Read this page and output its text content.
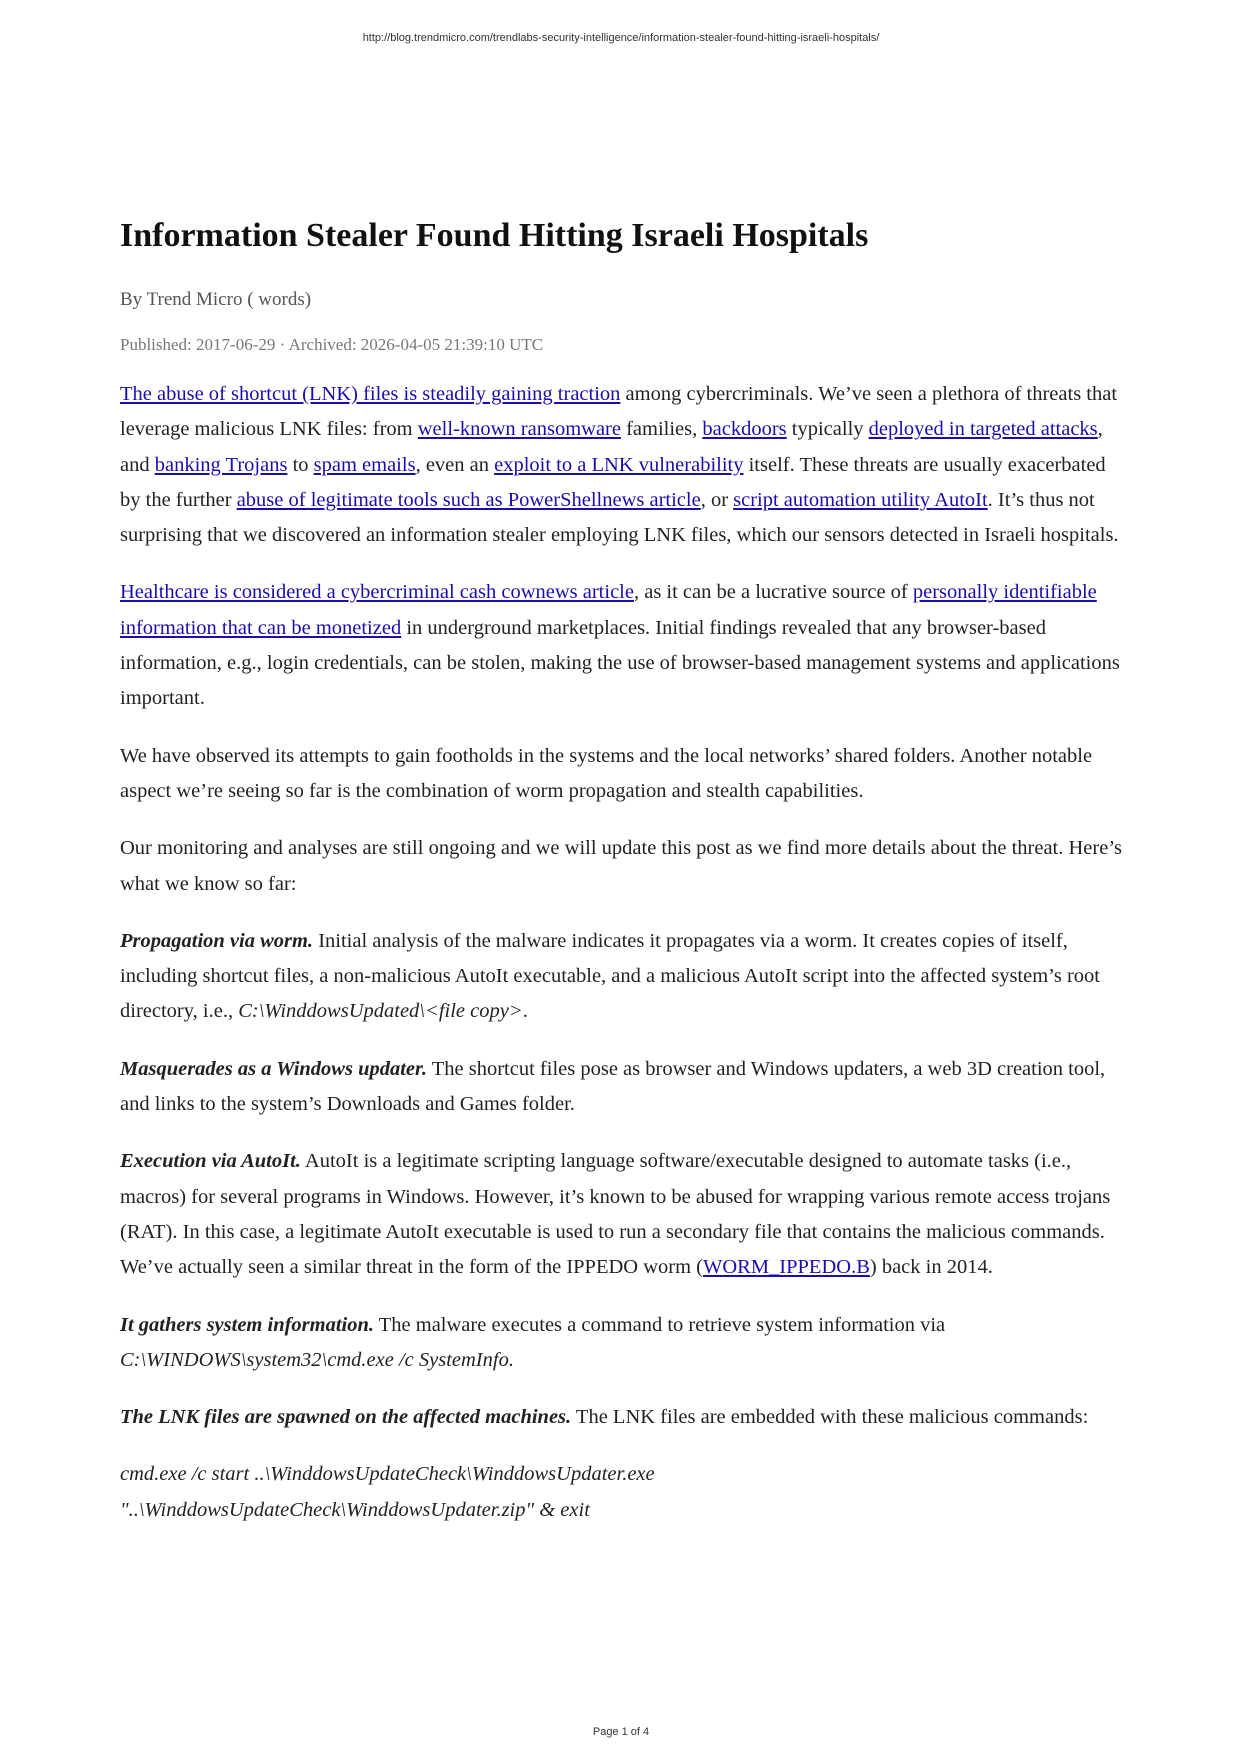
http://blog.trendmicro.com/trendlabs-security-intelligence/information-stealer-found-hitting-israeli-hospitals/
Information Stealer Found Hitting Israeli Hospitals
By Trend Micro ( words)
Published: 2017-06-29 · Archived: 2026-04-05 21:39:10 UTC

The abuse of shortcut (LNK) files is steadily gaining traction among cybercriminals. We’ve seen a plethora of threats that leverage malicious LNK files: from well-known ransomware families, backdoors typically deployed in targeted attacks, and banking Trojans to spam emails, even an exploit to a LNK vulnerability itself. These threats are usually exacerbated by the further abuse of legitimate tools such as PowerShellnews article, or script automation utility AutoIt. It’s thus not surprising that we discovered an information stealer employing LNK files, which our sensors detected in Israeli hospitals.

Healthcare is considered a cybercriminal cash cownews article, as it can be a lucrative source of personally identifiable information that can be monetized in underground marketplaces. Initial findings revealed that any browser-based information, e.g., login credentials, can be stolen, making the use of browser-based management systems and applications important.

We have observed its attempts to gain footholds in the systems and the local networks’ shared folders. Another notable aspect we’re seeing so far is the combination of worm propagation and stealth capabilities.

Our monitoring and analyses are still ongoing and we will update this post as we find more details about the threat. Here’s what we know so far:

Propagation via worm. Initial analysis of the malware indicates it propagates via a worm. It creates copies of itself, including shortcut files, a non-malicious AutoIt executable, and a malicious AutoIt script into the affected system’s root directory, i.e., C:\WinddowsUpdated\<file copy>.

Masquerades as a Windows updater. The shortcut files pose as browser and Windows updaters, a web 3D creation tool, and links to the system’s Downloads and Games folder.

Execution via AutoIt. AutoIt is a legitimate scripting language software/executable designed to automate tasks (i.e., macros) for several programs in Windows. However, it’s known to be abused for wrapping various remote access trojans (RAT). In this case, a legitimate AutoIt executable is used to run a secondary file that contains the malicious commands. We’ve actually seen a similar threat in the form of the IPPEDO worm (WORM_IPPEDO.B) back in 2014.

It gathers system information. The malware executes a command to retrieve system information via
C:\WINDOWS\system32\cmd.exe /c SystemInfo.

The LNK files are spawned on the affected machines. The LNK files are embedded with these malicious commands:

cmd.exe /c start ..\WinddowsUpdateCheck\WinddowsUpdater.exe
"..\WinddowsUpdateCheck\WinddowsUpdater.zip" & exit

Page 1 of 4
